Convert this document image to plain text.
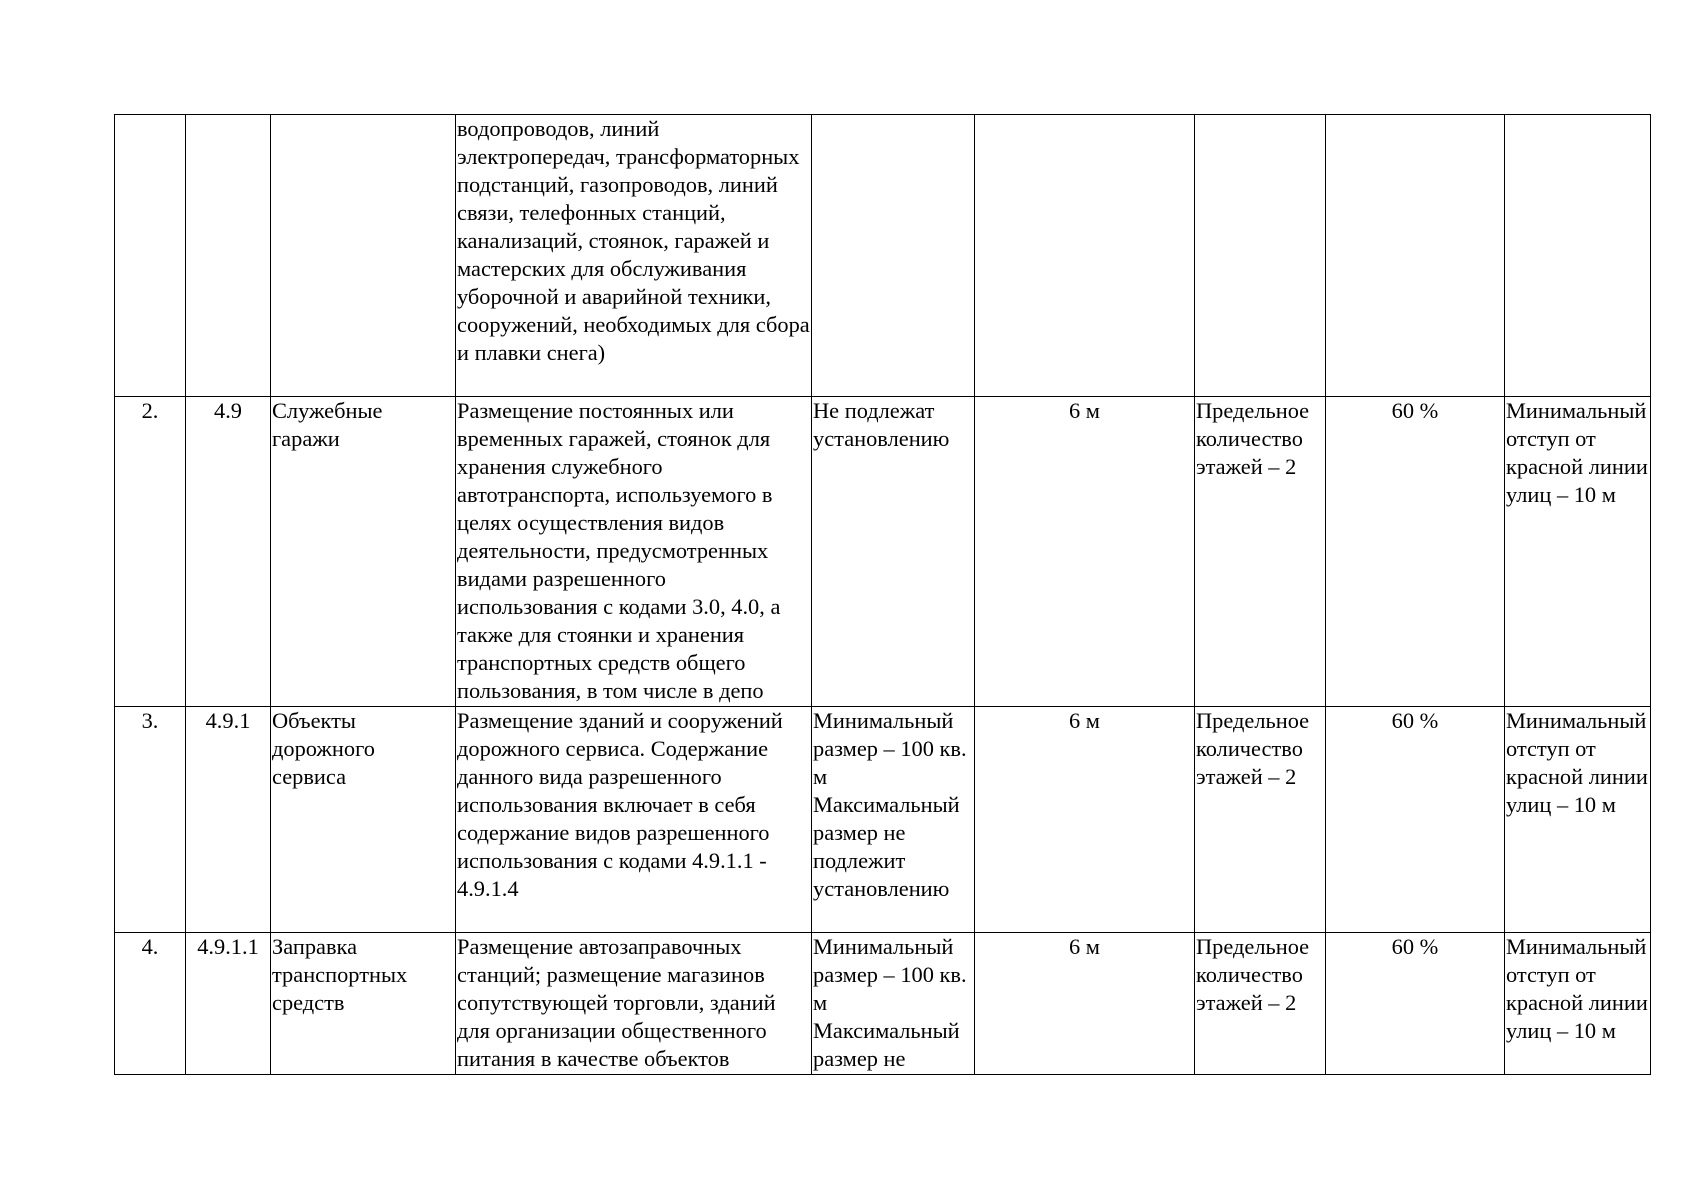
			водопроводов, линий электропередач, трансформаторных подстанций, газопроводов, линий связи, телефонных станций, канализаций, стоянок, гаражей и мастерских для обслуживания уборочной и аварийной техники, сооружений, необходимых для сбора и плавки снега)					
2.	4.9	Служебные гаражи	Размещение постоянных или временных гаражей, стоянок для хранения служебного автотранспорта, используемого в целях осуществления видов деятельности, предусмотренных видами разрешенного использования с кодами 3.0, 4.0, а также для стоянки и хранения транспортных средств общего пользования, в том числе в депо	Не подлежат установлению	6 м	Предельное количество этажей – 2	60 %	Минимальный отступ от красной линии улиц – 10 м
3.	4.9.1	Объекты дорожного сервиса	Размещение зданий и сооружений дорожного сервиса. Содержание данного вида разрешенного использования включает в себя содержание видов разрешенного использования с кодами 4.9.1.1 - 4.9.1.4	Минимальный размер – 100 кв. м Максимальный размер не подлежит установлению	6 м	Предельное количество этажей – 2	60 %	Минимальный отступ от красной линии улиц – 10 м
4.	4.9.1.1	Заправка транспортных средств	Размещение автозаправочных станций; размещение магазинов сопутствующей торговли, зданий для организации общественного питания в качестве объектов	Минимальный размер – 100 кв. м Максимальный размер не	6 м	Предельное количество этажей – 2	60 %	Минимальный отступ от красной линии улиц – 10 м
